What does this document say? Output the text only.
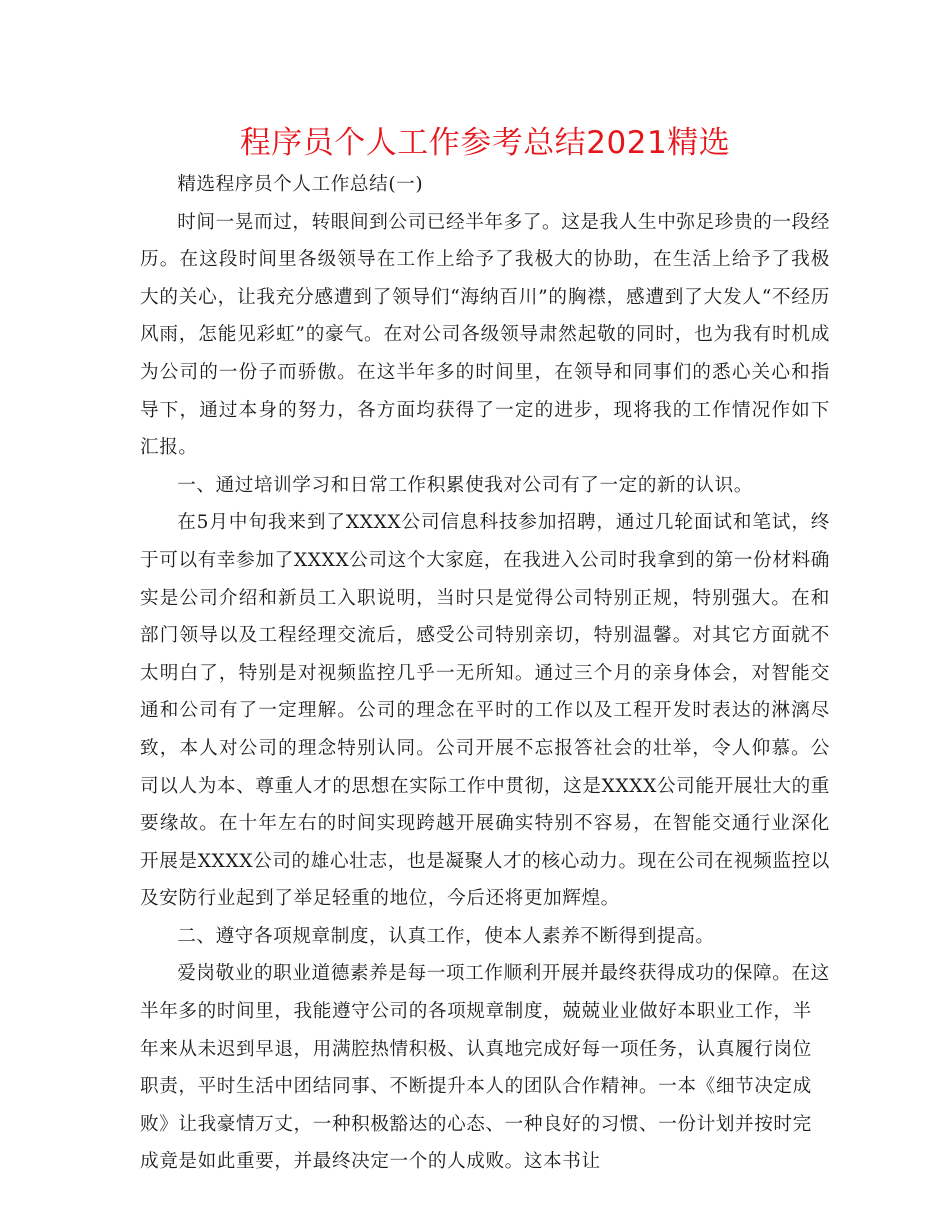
程序员个人工作参考总结2021精选

精选程序员个人工作总结(一)

时间一晃而过，转眼间到公司已经半年多了。这是我人生中弥足珍贵的一段经历。在这段时间里各级领导在工作上给予了我极大的协助，在生活上给予了我极大的关心，让我充分感遭到了领导们“海纳百川”的胸襟，感遭到了大发人“不经历风雨，怎能见彩虹”的豪气。在对公司各级领导肃然起敬的同时，也为我有时机成为公司的一份子而骄傲。在这半年多的时间里，在领导和同事们的悉心关心和指导下，通过本身的努力，各方面均获得了一定的进步，现将我的工作情况作如下汇报。

一、通过培训学习和日常工作积累使我对公司有了一定的新的认识。

在5月中旬我来到了XXXX公司信息科技参加招聘，通过几轮面试和笔试，终于可以有幸参加了XXXX公司这个大家庭，在我进入公司时我拿到的第一份材料确实是公司介绍和新员工入职说明，当时只是觉得公司特别正规，特别强大。在和部门领导以及工程经理交流后，感受公司特别亲切，特别温馨。对其它方面就不太明白了，特别是对视频监控几乎一无所知。通过三个月的亲身体会，对智能交通和公司有了一定理解。公司的理念在平时的工作以及工程开发时表达的淋漓尽致，本人对公司的理念特别认同。公司开展不忘报答社会的壮举，令人仰慕。公司以人为本、尊重人才的思想在实际工作中贯彻，这是XXXX公司能开展壮大的重要缘故。在十年左右的时间实现跨越开展确实特别不容易，在智能交通行业深化开展是XXXX公司的雄心壮志，也是凝聚人才的核心动力。现在公司在视频监控以及安防行业起到了举足轻重的地位，今后还将更加辉煌。

二、遵守各项规章制度，认真工作，使本人素养不断得到提高。

爱岗敬业的职业道德素养是每一项工作顺利开展并最终获得成功的保障。在这半年多的时间里，我能遵守公司的各项规章制度，兢兢业业做好本职业工作，半年来从未迟到早退，用满腔热情积极、认真地完成好每一项任务，认真履行岗位职责，平时生活中团结同事、不断提升本人的团队合作精神。一本《细节决定成败》让我豪情万丈，一种积极豁达的心态、一种良好的习惯、一份计划并按时完成竟是如此重要，并最终决定一个的人成败。这本书让
